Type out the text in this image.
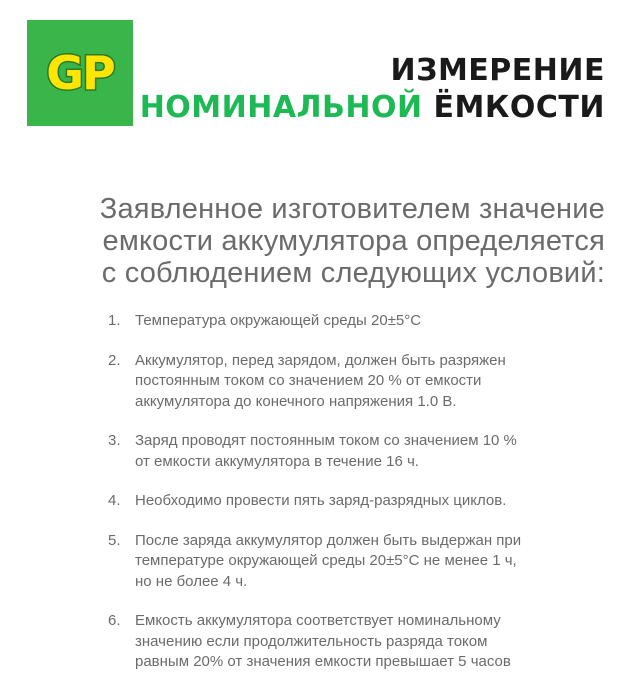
GP	ИЗМЕРЕНИЕ
НОМИНАЛЬНОЙ ЁМКОСТИ
Заявленное изготовителем значение
емкости аккумулятора определяется
с соблюдением следующих условий:
1. Температура окружающей среды 20±5°C
2. Аккумулятор, перед зарядом, должен быть разряжен
постоянным током со значением 20 % от емкости
аккумулятора до конечного напряжения 1.0 В.
3. Заряд проводят постоянным током со значением 10 %
от емкости аккумулятора в течение 16 ч.
4. Необходимо провести пять заряд-разрядных циклов.
5. После заряда аккумулятор должен быть выдержан при
температуре окружающей среды 20±5°C не менее 1 ч,
но не более 4 ч.
6. Емкость аккумулятора соответствует номинальному
значению если продолжительность разряда током
равным 20% от значения емкости превышает 5 часов
